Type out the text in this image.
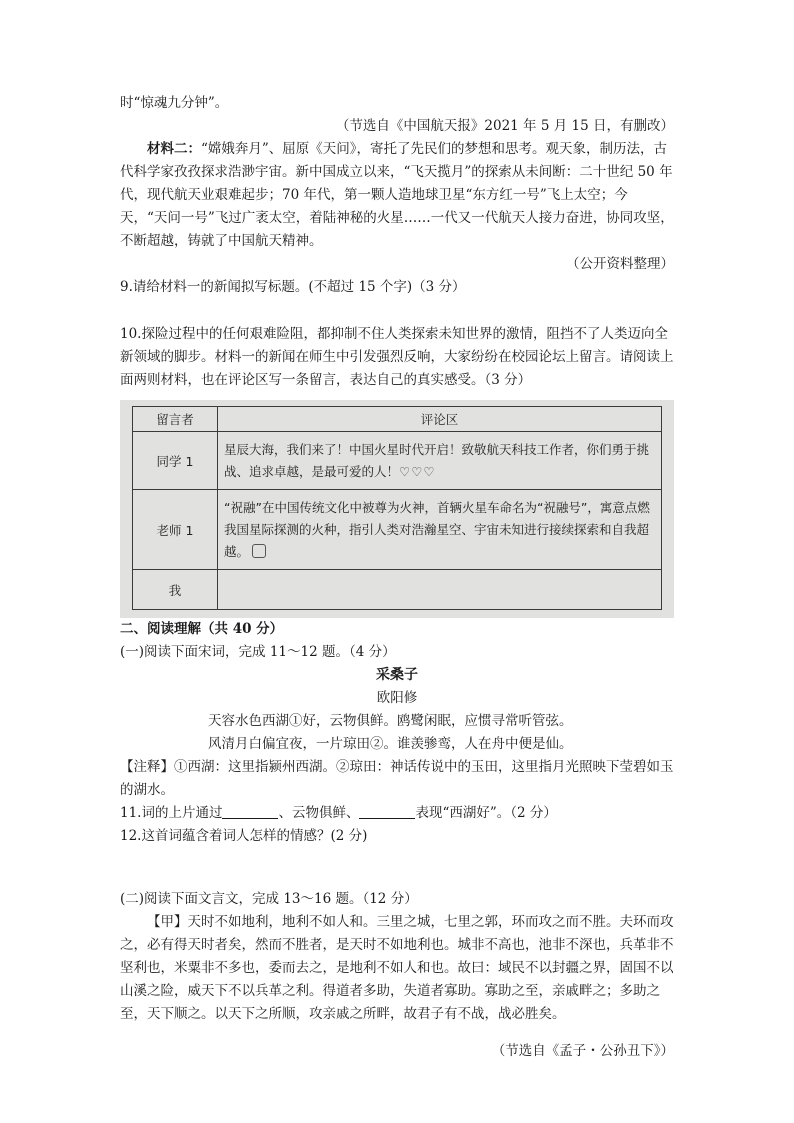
时“惊魂九分钟”。

（节选自《中国航天报》2021 年 5 月 15 日，有删改）

材料二：“嫦娥奔月”、屈原《天问》，寄托了先民们的梦想和思考。观天象，制历法，古代科学家孜孜探求浩渺宇宙。新中国成立以来，“飞天揽月”的探索从未间断：二十世纪 50 年代，现代航天业艰难起步；70 年代，第一颗人造地球卫星“东方红一号”飞上太空；今天，“天问一号”飞过广袤太空，着陆神秘的火星……一代又一代航天人接力奋进，协同攻坚，不断超越，铸就了中国航天精神。

（公开资料整理）

9.请给材料一的新闻拟写标题。(不超过 15 个字)（3 分）

10.探险过程中的任何艰难险阻，都抑制不住人类探索未知世界的激情，阻挡不了人类迈向全新领域的脚步。材料一的新闻在师生中引发强烈反响，大家纷纷在校园论坛上留言。请阅读上面两则材料，也在评论区写一条留言，表达自己的真实感受。（3 分）

留言者	评论区
同学 1	星辰大海，我们来了！中国火星时代开启！致敬航天科技工作者，你们勇于挑战、追求卓越，是最可爱的人！♡♡♡
老师 1	“祝融”在中国传统文化中被尊为火神，首辆火星车命名为“祝融号”，寓意点燃我国星际探测的火种，指引人类对浩瀚星空、宇宙未知进行接续探索和自我超越。
我	

二、阅读理解（共 40 分）

(一)阅读下面宋词，完成 11～12 题。（4 分）

采桑子

欧阳修

天容水色西湖①好，云物俱鲜。鸥鹭闲眠，应惯寻常听管弦。

风清月白偏宜夜，一片琼田②。谁羡骖鸾，人在舟中便是仙。

【注释】①西湖：这里指颍州西湖。②琼田：神话传说中的玉田，这里指月光照映下莹碧如玉的湖水。

11.词的上片通过	、云物俱鲜、	表现“西湖好”。（2 分）

12.这首词蕴含着词人怎样的情感？(2 分)

(二)阅读下面文言文，完成 13～16 题。（12 分）

【甲】天时不如地利，地利不如人和。三里之城，七里之郭，环而攻之而不胜。夫环而攻之，必有得天时者矣，然而不胜者，是天时不如地利也。城非不高也，池非不深也，兵革非不坚利也，米粟非不多也，委而去之，是地利不如人和也。故曰：域民不以封疆之界，固国不以山溪之险，威天下不以兵革之利。得道者多助，失道者寡助。寡助之至，亲戚畔之；多助之至，天下顺之。以天下之所顺，攻亲戚之所畔，故君子有不战，战必胜矣。

（节选自《孟子・公孙丑下》）
